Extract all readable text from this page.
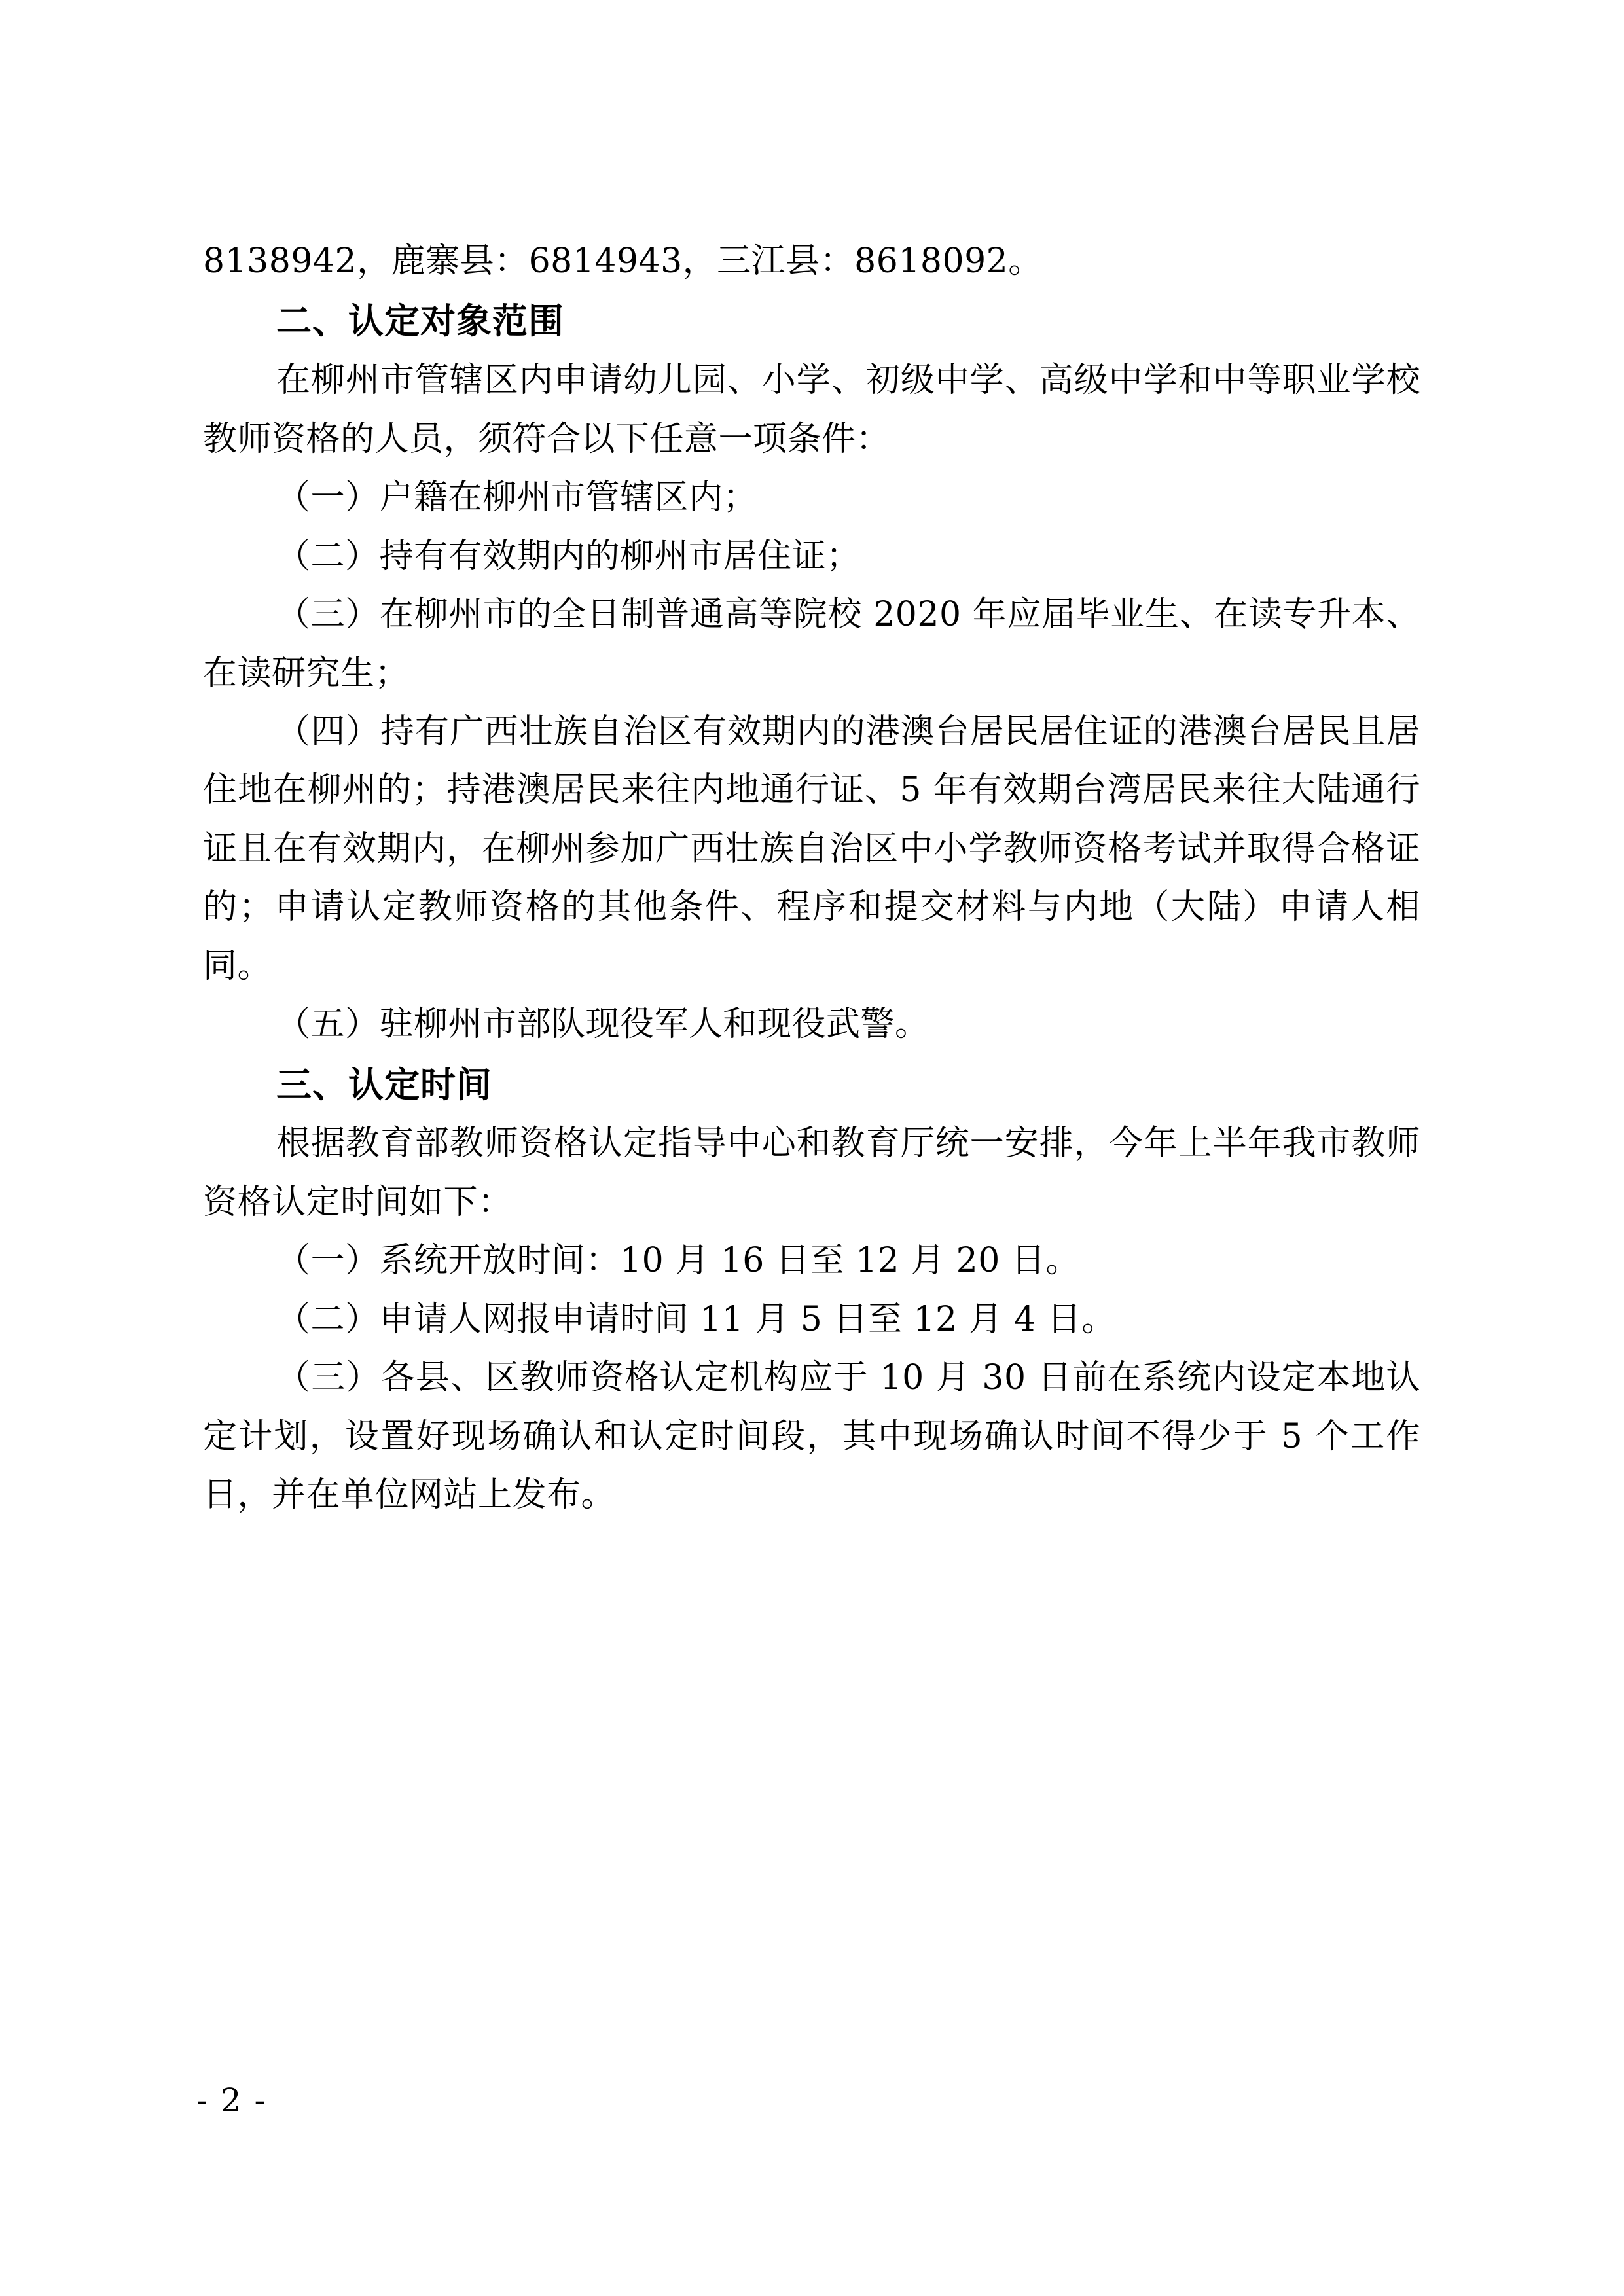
8138942，鹿寨县：6814943，三江县：8618092。

二、认定对象范围

在柳州市管辖区内申请幼儿园、小学、初级中学、高级中学和中等职业学校教师资格的人员，须符合以下任意一项条件：

（一）户籍在柳州市管辖区内；

（二）持有有效期内的柳州市居住证；

（三）在柳州市的全日制普通高等院校 2020 年应届毕业生、在读专升本、在读研究生；

（四）持有广西壮族自治区有效期内的港澳台居民居住证的港澳台居民且居住地在柳州的；持港澳居民来往内地通行证、5 年有效期台湾居民来往大陆通行证且在有效期内，在柳州参加广西壮族自治区中小学教师资格考试并取得合格证的；申请认定教师资格的其他条件、程序和提交材料与内地（大陆）申请人相同。

（五）驻柳州市部队现役军人和现役武警。

三、认定时间

根据教育部教师资格认定指导中心和教育厅统一安排，今年上半年我市教师资格认定时间如下：

（一）系统开放时间：10 月 16 日至 12 月 20 日。

（二）申请人网报申请时间 11 月 5 日至 12 月 4 日。

（三）各县、区教师资格认定机构应于 10 月 30 日前在系统内设定本地认定计划，设置好现场确认和认定时间段，其中现场确认时间不得少于 5 个工作日，并在单位网站上发布。

- 2 -
